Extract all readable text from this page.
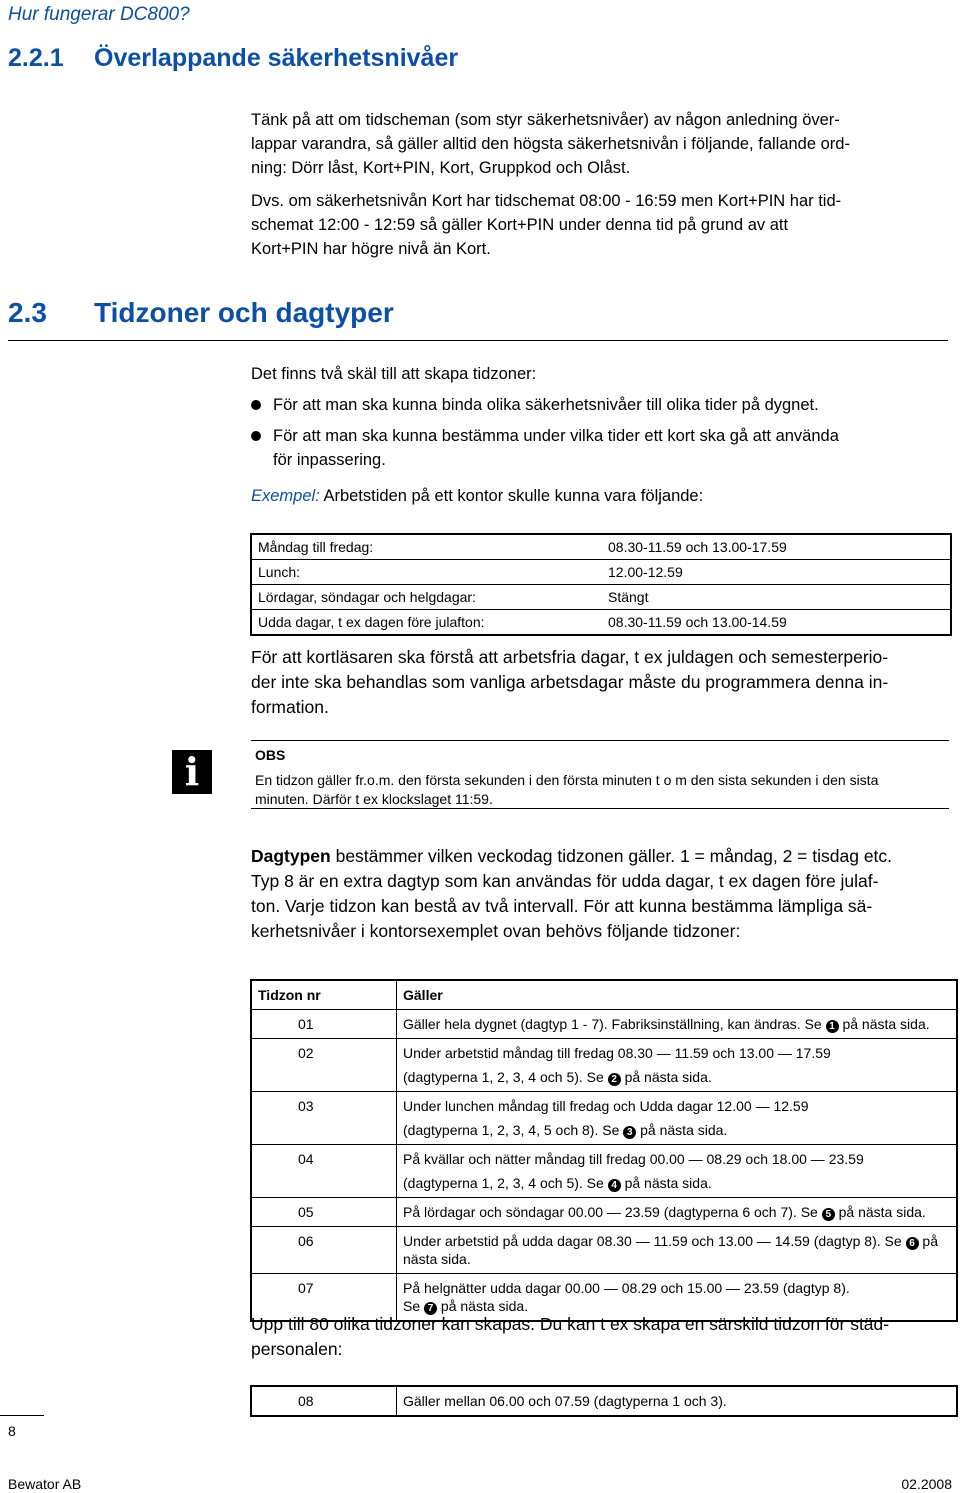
Hur fungerar DC800?
2.2.1 Överlappande säkerhetsnivåer
Tänk på att om tidscheman (som styr säkerhetsnivåer) av någon anledning över-
lappar varandra, så gäller alltid den högsta säkerhetsnivån i följande, fallande ord-
ning: Dörr låst, Kort+PIN, Kort, Gruppkod och Olåst.
Dvs. om säkerhetsnivån Kort har tidschemat 08:00 - 16:59 men Kort+PIN har tid-
schemat 12:00 - 12:59 så gäller Kort+PIN under denna tid på grund av att
Kort+PIN har högre nivå än Kort.
2.3 Tidzoner och dagtyper
Det finns två skäl till att skapa tidzoner:
För att man ska kunna binda olika säkerhetsnivåer till olika tider på dygnet.
För att man ska kunna bestämma under vilka tider ett kort ska gå att använda
för inpassering.
Exempel: Arbetstiden på ett kontor skulle kunna vara följande:
Måndag till fredag:	08.30-11.59 och 13.00-17.59
Lunch:	12.00-12.59
Lördagar, söndagar och helgdagar:	Stängt
Udda dagar, t ex dagen före julafton:	08.30-11.59 och 13.00-14.59
För att kortläsaren ska förstå att arbetsfria dagar, t ex juldagen och semesterperio-
der inte ska behandlas som vanliga arbetsdagar måste du programmera denna in-
formation.
i	OBS
En tidzon gäller fr.o.m. den första sekunden i den första minuten t o m den sista sekunden i den sista
minuten. Därför t ex klockslaget 11:59.
Dagtypen bestämmer vilken veckodag tidzonen gäller. 1 = måndag, 2 = tisdag etc.
Typ 8 är en extra dagtyp som kan användas för udda dagar, t ex dagen före julaf-
ton. Varje tidzon kan bestå av två intervall. För att kunna bestämma lämpliga sä-
kerhetsnivåer i kontorsexemplet ovan behövs följande tidzoner:
Tidzon nr	Gäller
01	Gäller hela dygnet (dagtyp 1 - 7). Fabriksinställning, kan ändras. Se 1 på nästa sida.
02	Under arbetstid måndag till fredag 08.30 — 11.59 och 13.00 — 17.59
(dagtyperna 1, 2, 3, 4 och 5). Se 2 på nästa sida.

03	Under lunchen måndag till fredag och Udda dagar 12.00 — 12.59
(dagtyperna 1, 2, 3, 4, 5 och 8). Se 3 på nästa sida.

04	På kvällar och nätter måndag till fredag 00.00 — 08.29 och 18.00 — 23.59
(dagtyperna 1, 2, 3, 4 och 5). Se 4 på nästa sida.

05	På lördagar och söndagar 00.00 — 23.59 (dagtyperna 6 och 7). Se 5 på nästa sida.
06	Under arbetstid på udda dagar 08.30 — 11.59 och 13.00 — 14.59 (dagtyp 8). Se 6 på
nästa sida.

07	På helgnätter udda dagar 00.00 — 08.29 och 15.00 — 23.59 (dagtyp 8).
Se 7 på nästa sida.
Upp till 80 olika tidzoner kan skapas. Du kan t ex skapa en särskild tidzon för städ-
personalen:
08	Gäller mellan 06.00 och 07.59 (dagtyperna 1 och 3).
8
Bewator AB	02.2008
